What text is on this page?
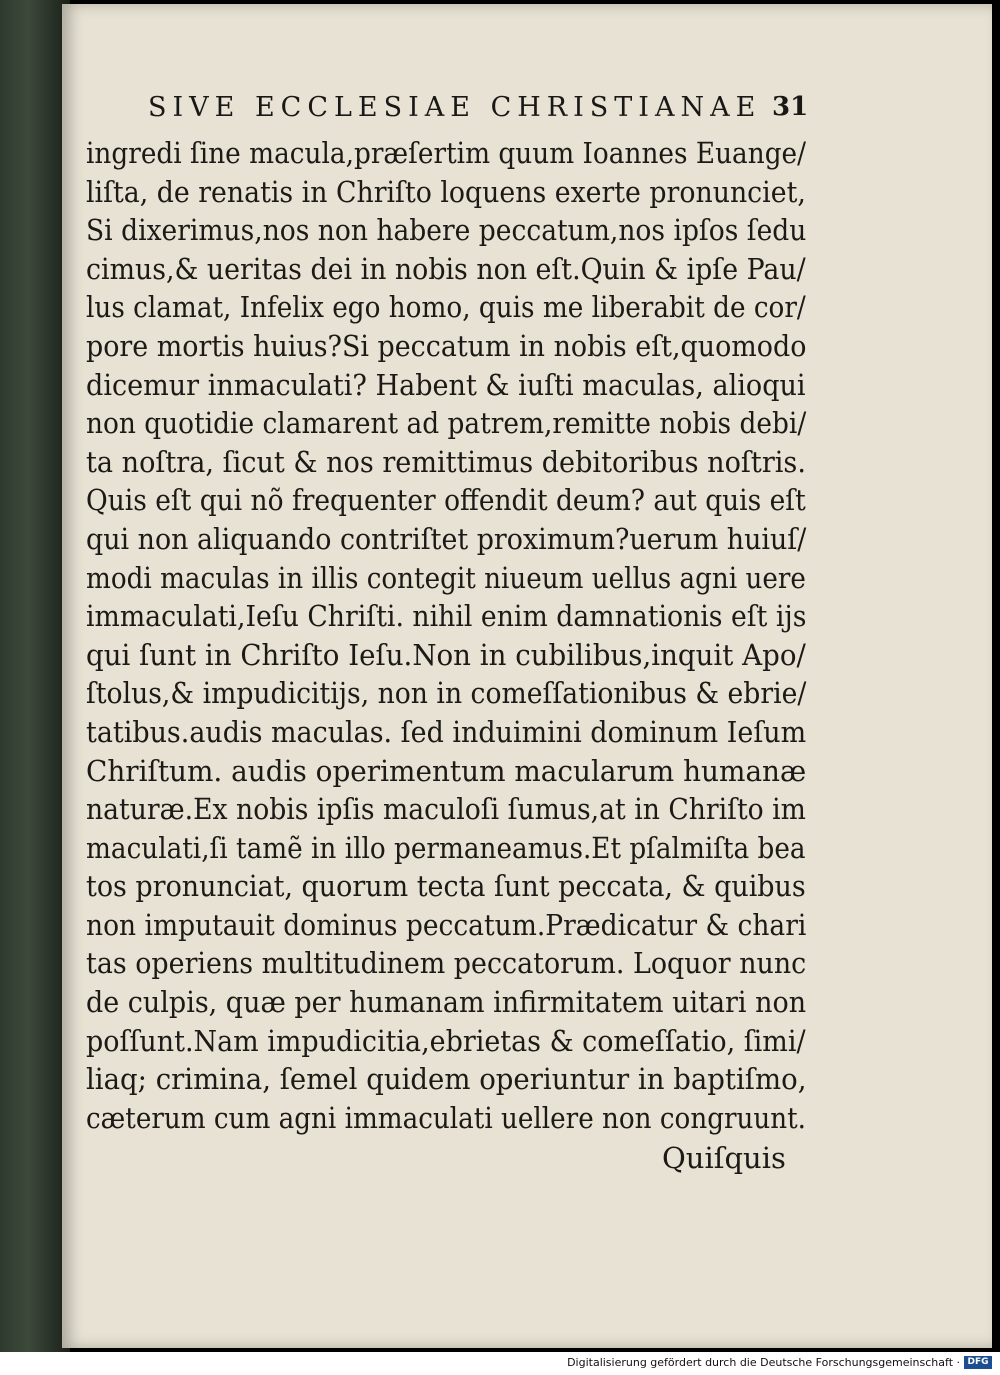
SIVE ECCLESIAE CHRISTIANAE 31
ingredi ſine macula,præſertim quum Ioannes Euange/
liſta, de renatis in Chriſto loquens exerte pronunciet,
Si dixerimus,nos non habere peccatum,nos ipſos ſedu
cimus,& ueritas dei in nobis non eſt.Quin & ipſe Pau/
lus clamat, Infelix ego homo, quis me liberabit de cor/
pore mortis huius?Si peccatum in nobis eſt,quomodo
dicemur inmaculati? Habent & iuſti maculas, alioqui
non quotidie clamarent ad patrem,remitte nobis debi/
ta noſtra, ſicut & nos remittimus debitoribus noſtris.
Quis eſt qui nõ frequenter offendit deum? aut quis eſt
qui non aliquando contriſtet proximum?uerum huiuſ/
modi maculas in illis contegit niueum uellus agni uere
immaculati,Ieſu Chriſti. nihil enim damnationis eſt ijs
qui ſunt in Chriſto Ieſu.Non in cubilibus,inquit Apo/
ſtolus,& impudicitijs, non in comeſſationibus & ebrie/
tatibus.audis maculas. ſed induimini dominum Ieſum
Chriſtum. audis operimentum macularum humanæ
naturæ.Ex nobis ipſis maculoſi ſumus,at in Chriſto im
maculati,ſi tamẽ in illo permaneamus.Et pſalmiſta bea
tos pronunciat, quorum tecta ſunt peccata, & quibus
non imputauit dominus peccatum.Prædicatur & chari
tas operiens multitudinem peccatorum. Loquor nunc
de culpis, quæ per humanam infirmitatem uitari non
poſſunt.Nam impudicitia,ebrietas & comeſſatio, ſimi/
liaq; crimina, ſemel quidem operiuntur in baptiſmo,
cæterum cum agni immaculati uellere non congruunt.
Quiſquis
Digitalisierung gefördert durch die Deutsche Forschungsgemeinschaft · DFG
